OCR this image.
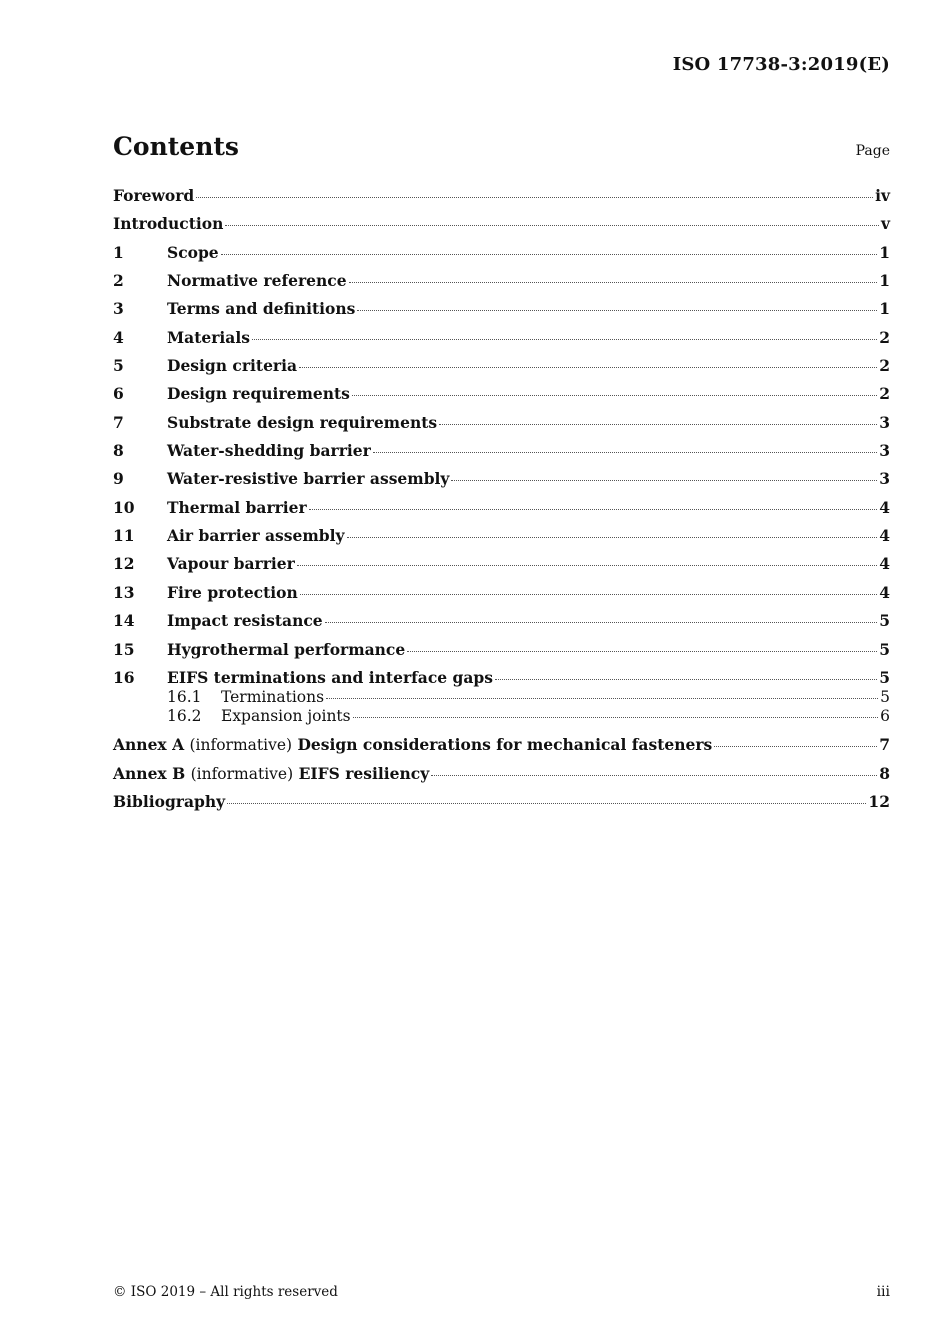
ISO 17738-3:2019(E)
Contents	Page
Foreword	iv
Introduction	v
1	Scope	1
2	Normative reference	1
3	Terms and definitions	1
4	Materials	2
5	Design criteria	2
6	Design requirements	2
7	Substrate design requirements	3
8	Water-shedding barrier	3
9	Water-resistive barrier assembly	3
10	Thermal barrier	4
11	Air barrier assembly	4
12	Vapour barrier	4
13	Fire protection	4
14	Impact resistance	5
15	Hygrothermal performance	5
16	EIFS terminations and interface gaps	5
16.1	Terminations	5
16.2	Expansion joints	6
Annex A (informative) Design considerations for mechanical fasteners	7
Annex B (informative) EIFS resiliency	8
Bibliography	12
© ISO 2019 – All rights reserved	iii
